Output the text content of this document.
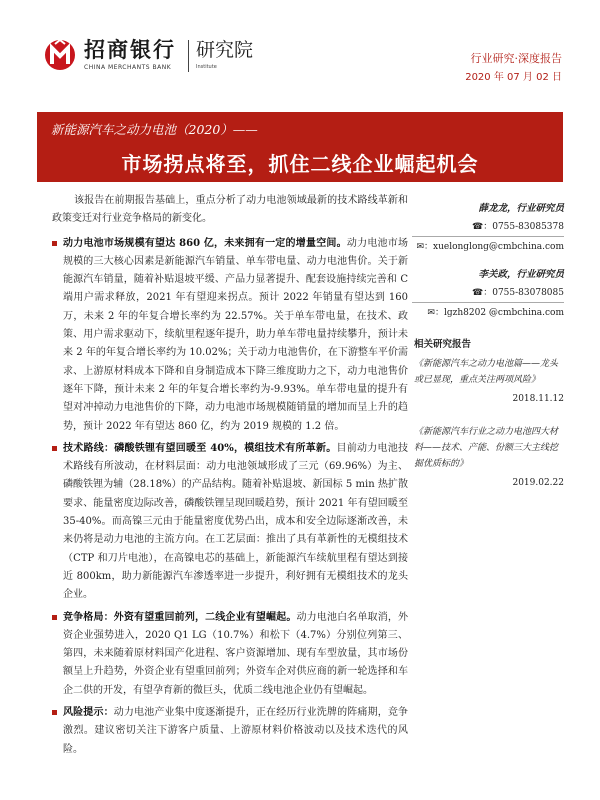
招商银行
CHINA MERCHANTS BANK
研究院
Institute
行业研究·深度报告
2020 年 07 月 02 日
新能源汽车之动力电池（2020）——
市场拐点将至，抓住二线企业崛起机会

该报告在前期报告基础上，重点分析了动力电池领域最新的技术路线革新和政策变迁对行业竞争格局的新变化。

动力电池市场规模有望达 860 亿，未来拥有一定的增量空间。动力电池市场规模的三大核心因素是新能源汽车销量、单车带电量、动力电池售价。关于新能源汽车销量，随着补贴退坡平缓、产品力显著提升、配套设施持续完善和 C 端用户需求释放，2021 年有望迎来拐点。预计 2022 年销量有望达到 160 万，未来 2 年的年复合增长率约为 22.57%。关于单车带电量，在技术、政策、用户需求驱动下，续航里程逐年提升，助力单车带电量持续攀升，预计未来 2 年的年复合增长率约为 10.02%；关于动力电池售价，在下游整车平价需求、上游原材料成本下降和自身制造成本下降三维度助力之下，动力电池售价逐年下降，预计未来 2 年的年复合增长率约为-9.93%。单车带电量的提升有望对冲掉动力电池售价的下降，动力电池市场规模随销量的增加而呈上升的趋势，预计 2022 年有望达 860 亿，约为 2019 规模的 1.2 倍。
技术路线：磷酸铁锂有望回暖至 40%，模组技术有所革新。目前动力电池技术路线有所波动，在材料层面：动力电池领域形成了三元（69.96%）为主、磷酸铁锂为辅（28.18%）的产品结构。随着补贴退坡、新国标 5 min 热扩散要求、能量密度边际改善，磷酸铁锂呈现回暖趋势，预计 2021 年有望回暖至 35-40%。而高镍三元由于能量密度优势凸出，成本和安全边际逐渐改善，未来仍将是动力电池的主流方向。在工艺层面：推出了具有革新性的无模组技术（CTP 和刀片电池），在高镍电芯的基础上，新能源汽车续航里程有望达到接近 800km，助力新能源汽车渗透率进一步提升，利好拥有无模组技术的龙头企业。
竞争格局：外资有望重回前列，二线企业有望崛起。动力电池白名单取消，外资企业强势进入，2020 Q1 LG（10.7%）和松下（4.7%）分别位列第三、第四，未来随着原材料国产化进程、客户资源增加、现有车型放量，其市场份额呈上升趋势，外资企业有望重回前列；外资车企对供应商的新一轮选择和车企二供的开发，有望孕育新的微巨头，优质二线电池企业仍有望崛起。
风险提示：动力电池产业集中度逐渐提升，正在经历行业洗牌的阵痛期，竞争激烈。建议密切关注下游客户质量、上游原材料价格波动以及技术迭代的风险。
薛龙龙，行业研究员
☎：0755-83085378
✉：xuelonglong@cmbchina.com
李关政，行业研究员
☎：0755-83078085
✉：lgzh8202 @cmbchina.com
相关研究报告
《新能源汽车之动力电池篇——龙头或已显现，重点关注两项风险》
2018.11.12
《新能源汽车行业之动力电池四大材料——技术、产能、份额三大主线挖掘优质标的》
2019.02.22
